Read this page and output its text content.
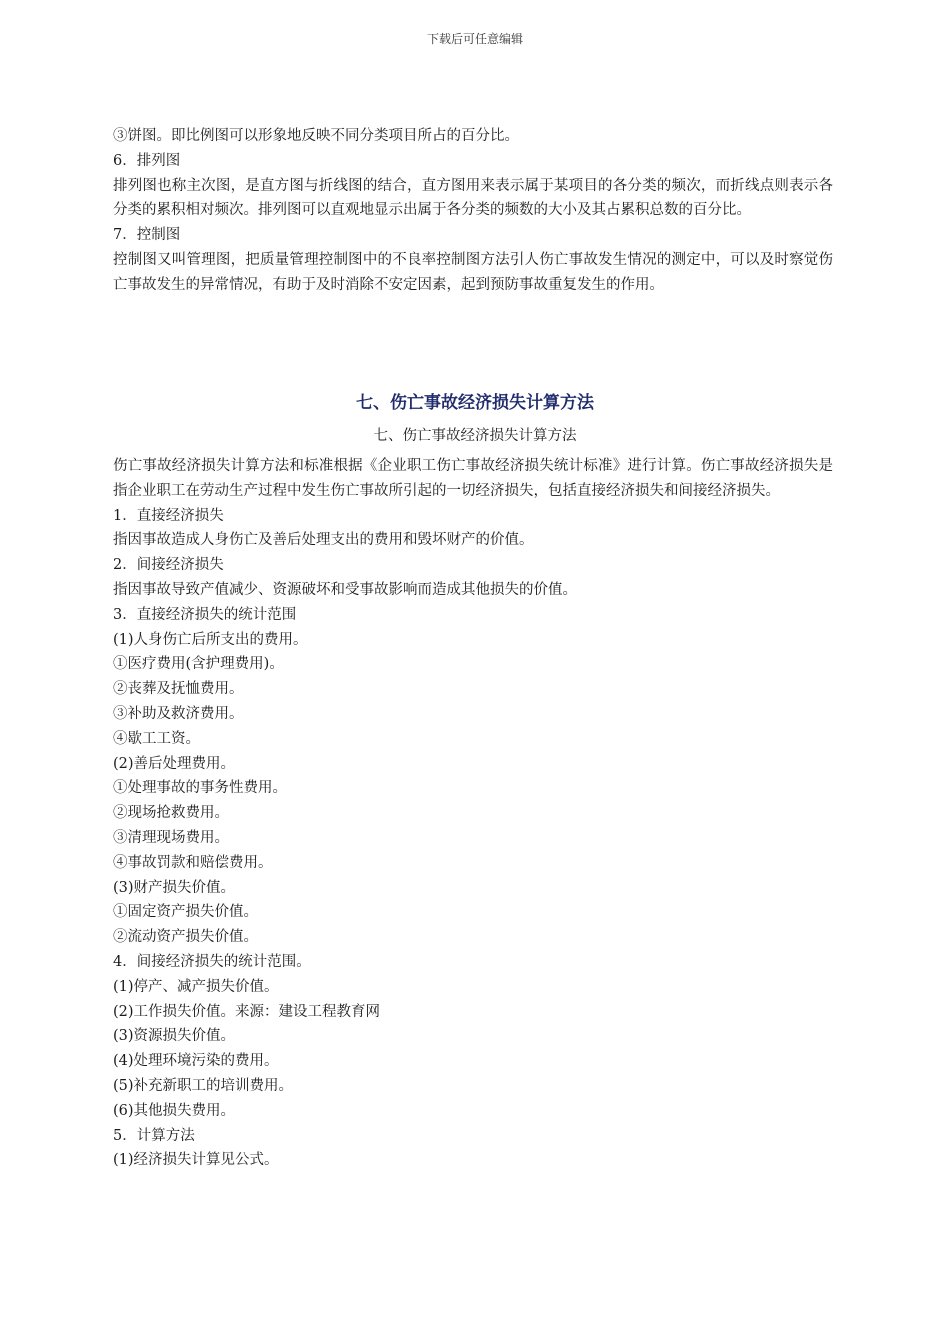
下载后可任意编辑
③饼图。即比例图可以形象地反映不同分类项目所占的百分比。
6．排列图
排列图也称主次图，是直方图与折线图的结合，直方图用来表示属于某项目的各分类的频次，而折线点则表示各分类的累积相对频次。排列图可以直观地显示出属于各分类的频数的大小及其占累积总数的百分比。
7．控制图
控制图又叫管理图，把质量管理控制图中的不良率控制图方法引人伤亡事故发生情况的测定中，可以及时察觉伤亡事故发生的异常情况，有助于及时消除不安定因素，起到预防事故重复发生的作用。
七、伤亡事故经济损失计算方法
七、伤亡事故经济损失计算方法
伤亡事故经济损失计算方法和标准根据《企业职工伤亡事故经济损失统计标准》进行计算。伤亡事故经济损失是指企业职工在劳动生产过程中发生伤亡事故所引起的一切经济损失，包括直接经济损失和间接经济损失。
1．直接经济损失
指因事故造成人身伤亡及善后处理支出的费用和毁坏财产的价值。
2．间接经济损失
指因事故导致产值减少、资源破坏和受事故影响而造成其他损失的价值。
3．直接经济损失的统计范围
(1)人身伤亡后所支出的费用。
①医疗费用(含护理费用)。
②丧葬及抚恤费用。
③补助及救济费用。
④歇工工资。
(2)善后处理费用。
①处理事故的事务性费用。
②现场抢救费用。
③清理现场费用。
④事故罚款和赔偿费用。
(3)财产损失价值。
①固定资产损失价值。
②流动资产损失价值。
4．间接经济损失的统计范围。
(1)停产、减产损失价值。
(2)工作损失价值。来源：建设工程教育网
(3)资源损失价值。
(4)处理环境污染的费用。
(5)补充新职工的培训费用。
(6)其他损失费用。
5．计算方法
(1)经济损失计算见公式。
